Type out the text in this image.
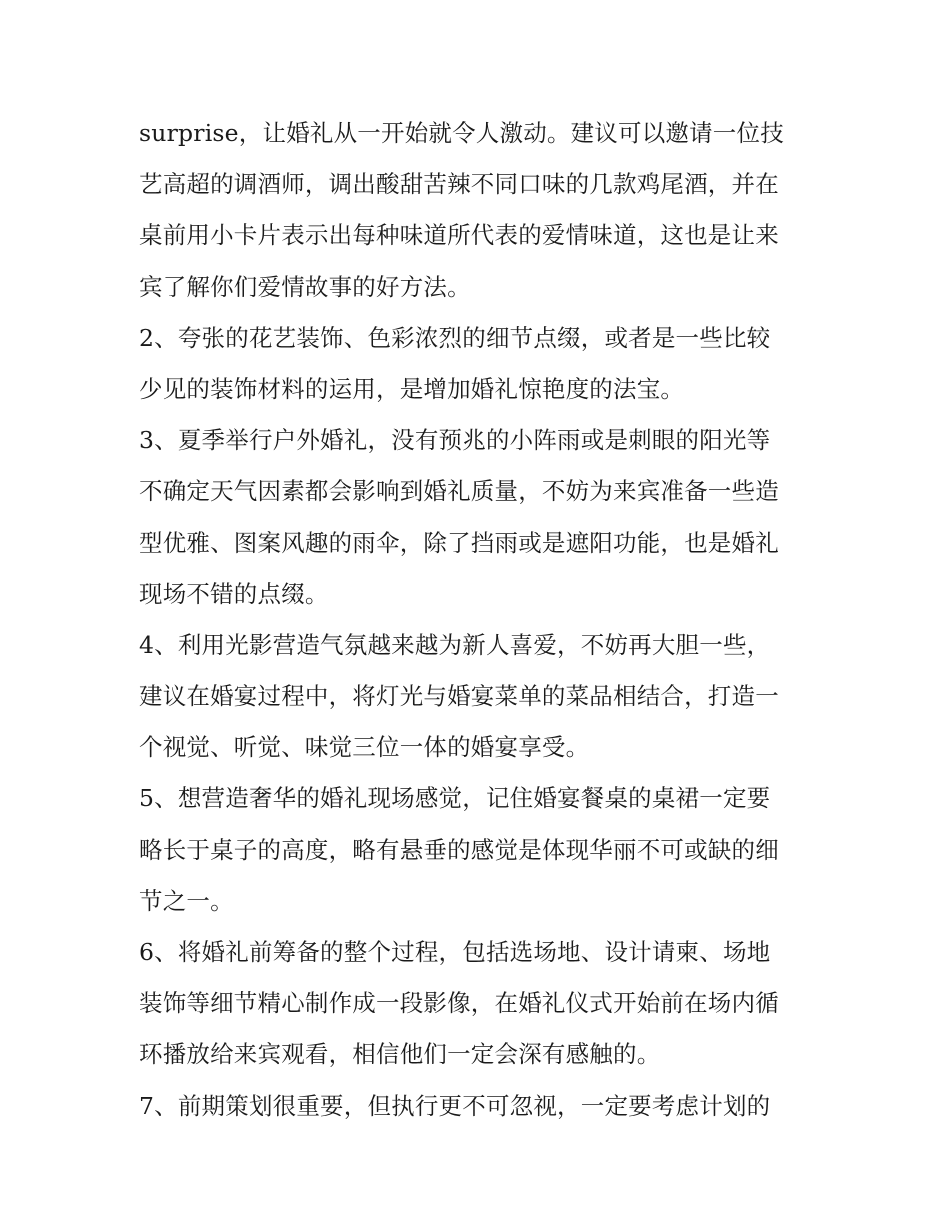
surprise，让婚礼从一开始就令人激动。建议可以邀请一位技
艺高超的调酒师，调出酸甜苦辣不同口味的几款鸡尾酒，并在
桌前用小卡片表示出每种味道所代表的爱情味道，这也是让来
宾了解你们爱情故事的好方法。
2、夸张的花艺装饰、色彩浓烈的细节点缀，或者是一些比较
少见的装饰材料的运用，是增加婚礼惊艳度的法宝。
3、夏季举行户外婚礼，没有预兆的小阵雨或是刺眼的阳光等
不确定天气因素都会影响到婚礼质量，不妨为来宾准备一些造
型优雅、图案风趣的雨伞，除了挡雨或是遮阳功能，也是婚礼
现场不错的点缀。
4、利用光影营造气氛越来越为新人喜爱，不妨再大胆一些，
建议在婚宴过程中，将灯光与婚宴菜单的菜品相结合，打造一
个视觉、听觉、味觉三位一体的婚宴享受。
5、想营造奢华的婚礼现场感觉，记住婚宴餐桌的桌裙一定要
略长于桌子的高度，略有悬垂的感觉是体现华丽不可或缺的细
节之一。
6、将婚礼前筹备的整个过程，包括选场地、设计请柬、场地
装饰等细节精心制作成一段影像，在婚礼仪式开始前在场内循
环播放给来宾观看，相信他们一定会深有感触的。
7、前期策划很重要，但执行更不可忽视，一定要考虑计划的
